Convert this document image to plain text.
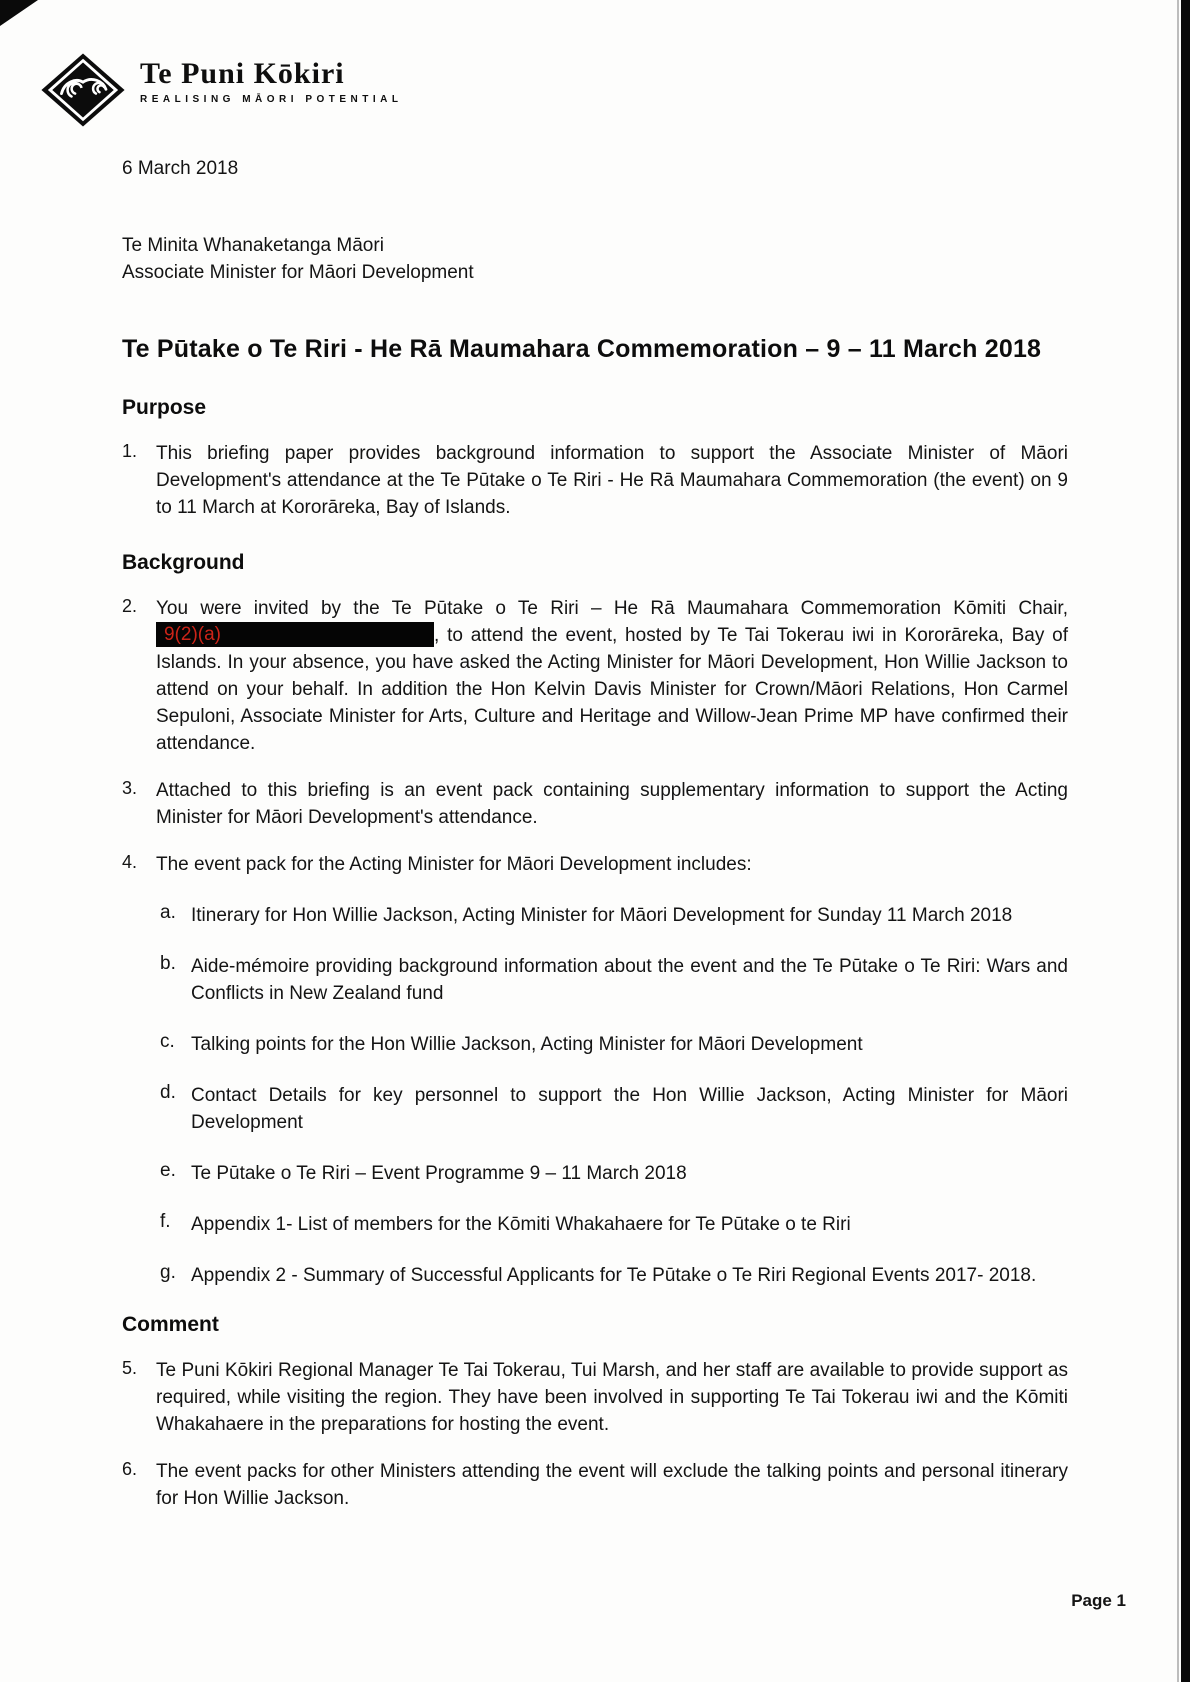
Te Puni Kōkiri
REALISING MĀORI POTENTIAL
6 March 2018
Te Minita Whanaketanga Māori
Associate Minister for Māori Development
Te Pūtake o Te Riri - He Rā Maumahara Commemoration – 9 – 11 March 2018
Purpose
1. This briefing paper provides background information to support the Associate Minister of Māori Development's attendance at the Te Pūtake o Te Riri - He Rā Maumahara Commemoration (the event) on 9 to 11 March at Kororāreka, Bay of Islands.
Background
2. You were invited by the Te Pūtake o Te Riri – He Rā Maumahara Commemoration Kōmiti Chair, 9(2)(a)	, to attend the event, hosted by Te Tai Tokerau iwi in Kororāreka, Bay of Islands. In your absence, you have asked the Acting Minister for Māori Development, Hon Willie Jackson to attend on your behalf. In addition the Hon Kelvin Davis Minister for Crown/Māori Relations, Hon Carmel Sepuloni, Associate Minister for Arts, Culture and Heritage and Willow-Jean Prime MP have confirmed their attendance.
3. Attached to this briefing is an event pack containing supplementary information to support the Acting Minister for Māori Development's attendance.
4. The event pack for the Acting Minister for Māori Development includes:
a. Itinerary for Hon Willie Jackson, Acting Minister for Māori Development for Sunday 11 March 2018
b. Aide-mémoire providing background information about the event and the Te Pūtake o Te Riri: Wars and Conflicts in New Zealand fund
c. Talking points for the Hon Willie Jackson, Acting Minister for Māori Development
d. Contact Details for key personnel to support the Hon Willie Jackson, Acting Minister for Māori Development
e. Te Pūtake o Te Riri – Event Programme 9 – 11 March 2018
f.	Appendix 1- List of members for the Kōmiti Whakahaere for Te Pūtake o te Riri
g. Appendix 2 - Summary of Successful Applicants for Te Pūtake o Te Riri Regional Events 2017- 2018.
Comment
5. Te Puni Kōkiri Regional Manager Te Tai Tokerau, Tui Marsh, and her staff are available to provide support as required, while visiting the region. They have been involved in supporting Te Tai Tokerau iwi and the Kōmiti Whakahaere in the preparations for hosting the event.
6. The event packs for other Ministers attending the event will exclude the talking points and personal itinerary for Hon Willie Jackson.
Page 1
